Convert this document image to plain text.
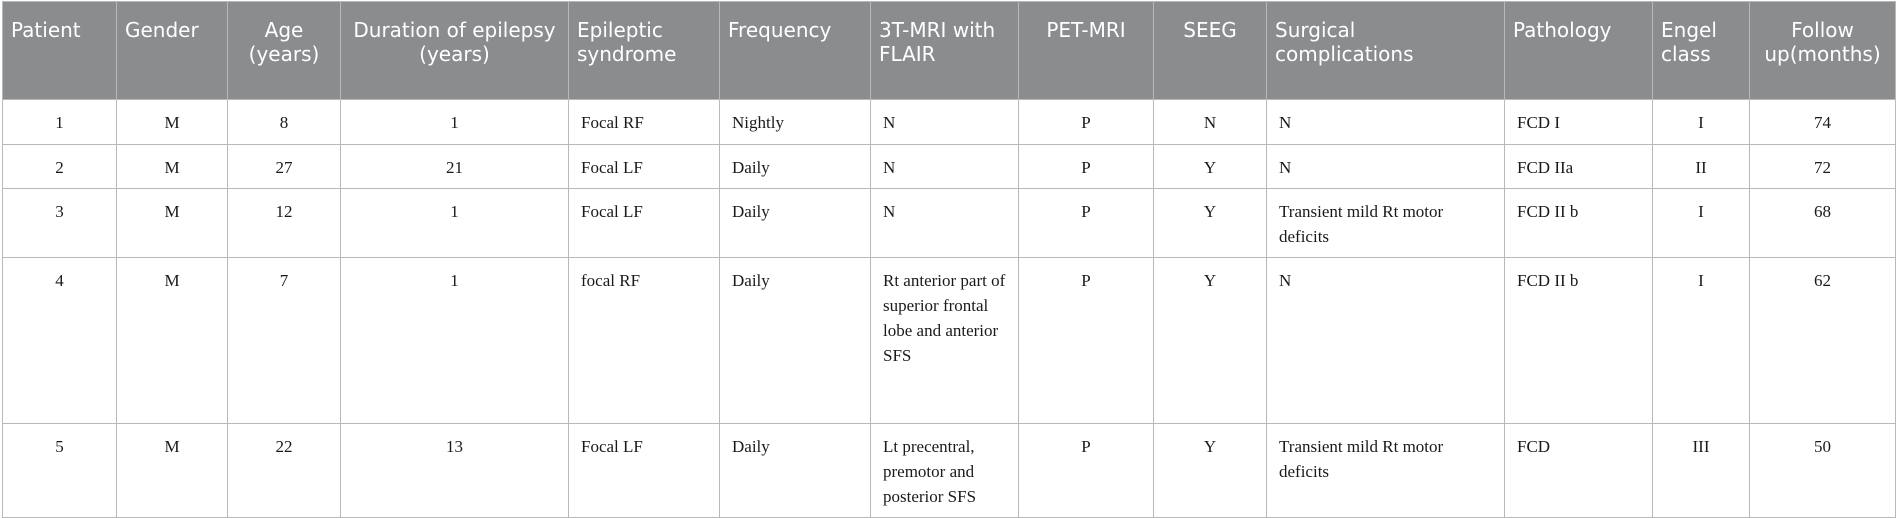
Patient	Gender	Age (years)	Duration of epilepsy (years)	Epileptic syndrome	Frequency	3T-MRI with FLAIR	PET-MRI	SEEG	Surgical complications	Pathology	Engel class	Follow up(months)
1	M	8	1	Focal RF	Nightly	N	P	N	N	FCD I	I	74
2	M	27	21	Focal LF	Daily	N	P	Y	N	FCD IIa	II	72
3	M	12	1	Focal LF	Daily	N	P	Y	Transient mild Rt motor deficits	FCD II b	I	68
4	M	7	1	focal RF	Daily	Rt anterior part of superior frontal lobe and anterior SFS	P	Y	N	FCD II b	I	62
5	M	22	13	Focal LF	Daily	Lt precentral, premotor and posterior SFS	P	Y	Transient mild Rt motor deficits	FCD	III	50
